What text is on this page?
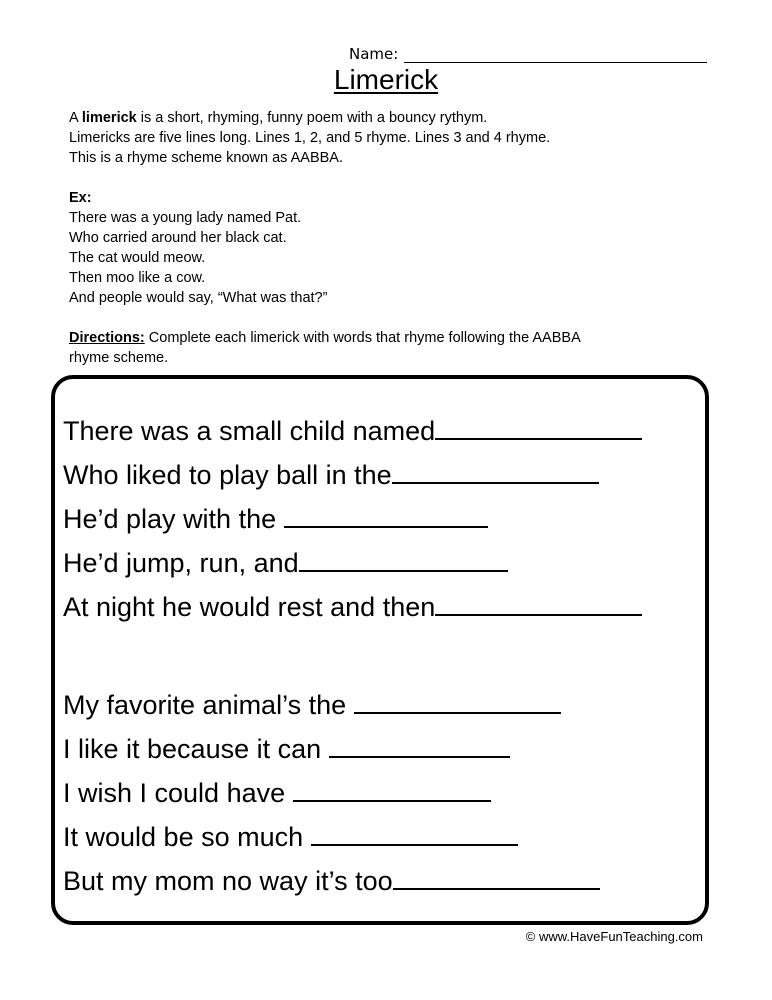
Name:
Limerick

A limerick is a short, rhyming, funny poem with a bouncy rythym.

Limericks are five lines long. Lines 1, 2, and 5 rhyme. Lines 3 and 4 rhyme.

This is a rhyme scheme known as AABBA.

Ex:

There was a young lady named Pat.

Who carried around her black cat.

The cat would meow.

Then moo like a cow.

And people would say, “What was that?”

Directions: Complete each limerick with words that rhyme following the AABBA

rhyme scheme.

There was a small child named
Who liked to play ball in the
He’d play with the
He’d jump, run, and
At night he would rest and then
My favorite animal’s the
I like it because it can
I wish I could have
It would be so much
But my mom no way it’s too
© www.HaveFunTeaching.com
